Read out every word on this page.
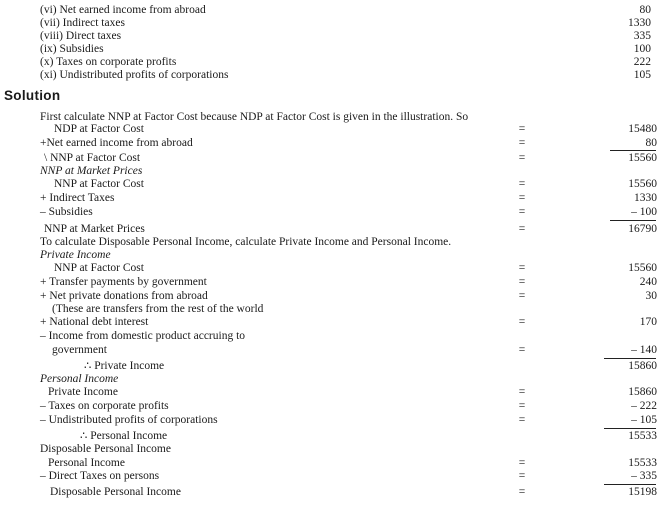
(vi) Net earned income from abroad	80
(vii) Indirect taxes	1330
(viii) Direct taxes	335
(ix) Subsidies	100
(x) Taxes on corporate profits	222
(xi) Undistributed profits of corporations	105
Solution
First calculate NNP at Factor Cost because NDP at Factor Cost is given in the illustration. So
NDP at Factor Cost	=	15480
+Net earned income from abroad	=	80
\ NNP at Factor Cost	=	15560
NNP at Market Prices
NNP at Factor Cost	=	15560
+ Indirect Taxes	=	1330
– Subsidies	=	– 100
NNP at Market Prices	=	16790
To calculate Disposable Personal Income, calculate Private Income and Personal Income.
Private Income
NNP at Factor Cost	=	15560
+ Transfer payments by government	=	240
+ Net private donations from abroad	=	30
(These are transfers from the rest of the world
+ National debt interest	=	170
– Income from domestic product accruing to
government	=	– 140
∴ Private Income	15860
Personal Income
Private Income	=	15860
– Taxes on corporate profits	=	– 222
– Undistributed profits of corporations	=	– 105
∴ Personal Income	15533
Disposable Personal Income
Personal Income	=	15533
– Direct Taxes on persons	=	– 335
Disposable Personal Income	=	15198
